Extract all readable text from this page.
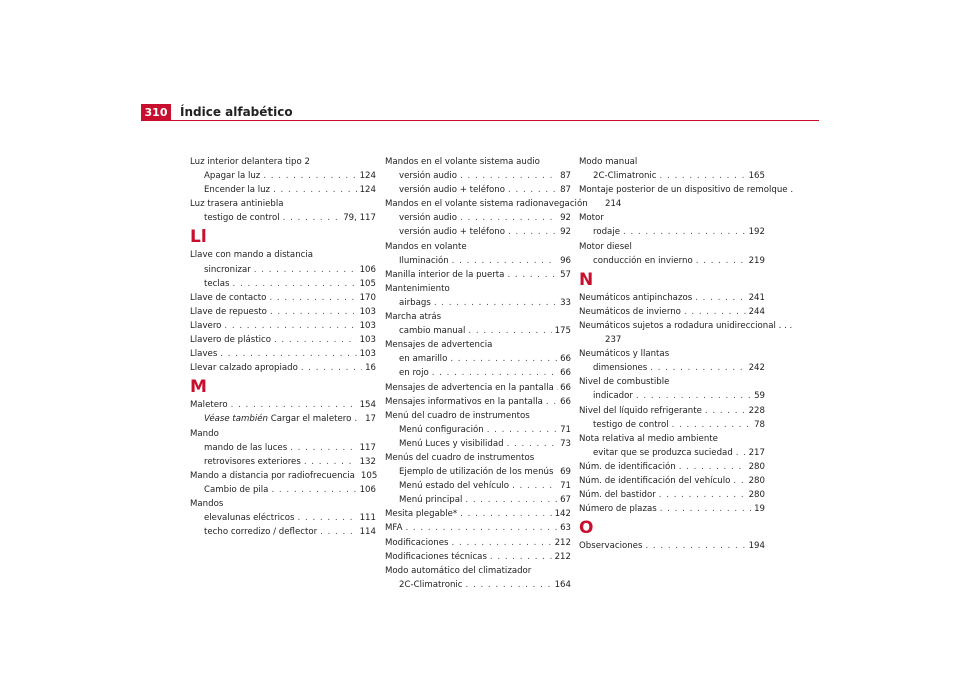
310 Índice alfabético
Luz interior delantera tipo 2
Apagar la luz . . .	124
Encender la luz . . .	124
Luz trasera antiniebla
testigo de control . . .	79, 117
Ll
Llave con mando a distancia
sincronizar . . .	106
teclas . . .	105
Llave de contacto . . .	170
Llave de repuesto . . .	103
Llavero . . .	103
Llavero de plástico . . .	103
Llaves . . .	103
Llevar calzado apropiado . . .	16
M
Maletero . . .	154
Véase también Cargar el maletero . . . 17
Mando
mando de las luces . . .	117
retrovisores exteriores . . .	132
Mando a distancia por radiofrecuencia 105
Cambio de pila . . .	106
Mandos
elevalunas eléctricos . . .	111
techo corredizo / deflector . . .	114
Mandos en el volante sistema audio
versión audio . . .	87
versión audio + teléfono . . .	87
Mandos en el volante sistema radionavegación
versión audio . . .	92
versión audio + teléfono . . .	92
Mandos en volante
Iluminación . . .	96
Manilla interior de la puerta . . .	57
Mantenimiento
airbags . . .	33
Marcha atrás
cambio manual . . .	175
Mensajes de advertencia
en amarillo . . .	66
en rojo . . .	66
Mensajes de advertencia en la pantalla . . . 66
Mensajes informativos en la pantalla . . . 66
Menú del cuadro de instrumentos
Menú configuración . . .	71
Menú Luces y visibilidad . . .	73
Menús del cuadro de instrumentos
Ejemplo de utilización de los menús . . . 69
Menú estado del vehículo . . .	71
Menú principal . . .	67
Mesita plegable* . . .	142
MFA . . .	63
Modificaciones . . .	212
Modificaciones técnicas . . .	212
Modo automático del climatizador
2C-Climatronic . . .	164
Modo manual
2C-Climatronic . . .	165
Montaje posterior de un dispositivo de remolque .
214
Motor
rodaje . . .	192
Motor diesel
conducción en invierno . . .	219
N
Neumáticos antipinchazos . . .	241
Neumáticos de invierno . . .	244
Neumáticos sujetos a rodadura unidireccional . . .
237
Neumáticos y llantas
dimensiones . . .	242
Nivel de combustible
indicador . . .	59
Nivel del líquido refrigerante . . .	228
testigo de control . . .	78
Nota relativa al medio ambiente
evitar que se produzca suciedad . . . 217
Núm. de identificación . . .	280
Núm. de identificación del vehículo . . . 280
Núm. del bastidor . . .	280
Número de plazas . . .	19
O
Observaciones . . .	194
